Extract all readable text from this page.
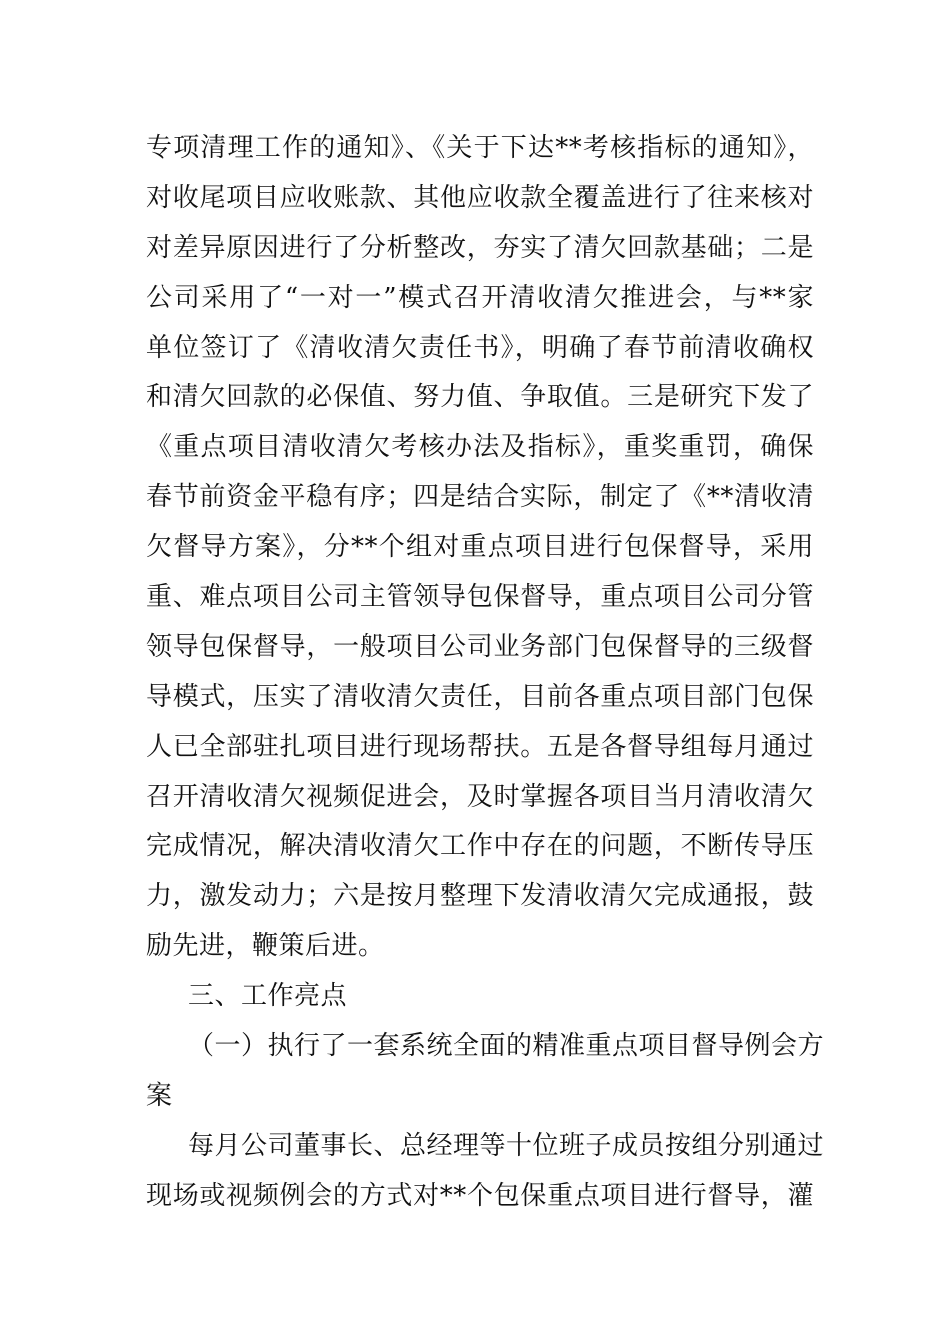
专项清理工作的通知》、《关于下达**考核指标的通知》，
对收尾项目应收账款、其他应收款全覆盖进行了往来核对
对差异原因进行了分析整改，夯实了清欠回款基础；二是
公司采用了“一对一”模式召开清收清欠推进会，与**家
单位签订了《清收清欠责任书》，明确了春节前清收确权
和清欠回款的必保值、努力值、争取值。三是研究下发了
《重点项目清收清欠考核办法及指标》，重奖重罚，确保
春节前资金平稳有序；四是结合实际，制定了《**清收清
欠督导方案》，分**个组对重点项目进行包保督导，采用
重、难点项目公司主管领导包保督导，重点项目公司分管
领导包保督导，一般项目公司业务部门包保督导的三级督
导模式，压实了清收清欠责任，目前各重点项目部门包保
人已全部驻扎项目进行现场帮扶。五是各督导组每月通过
召开清收清欠视频促进会，及时掌握各项目当月清收清欠
完成情况，解决清收清欠工作中存在的问题，不断传导压
力，激发动力；六是按月整理下发清收清欠完成通报，鼓
励先进，鞭策后进。
三、工作亮点
（一）执行了一套系统全面的精准重点项目督导例会方
案
每月公司董事长、总经理等十位班子成员按组分别通过
现场或视频例会的方式对**个包保重点项目进行督导，灌
